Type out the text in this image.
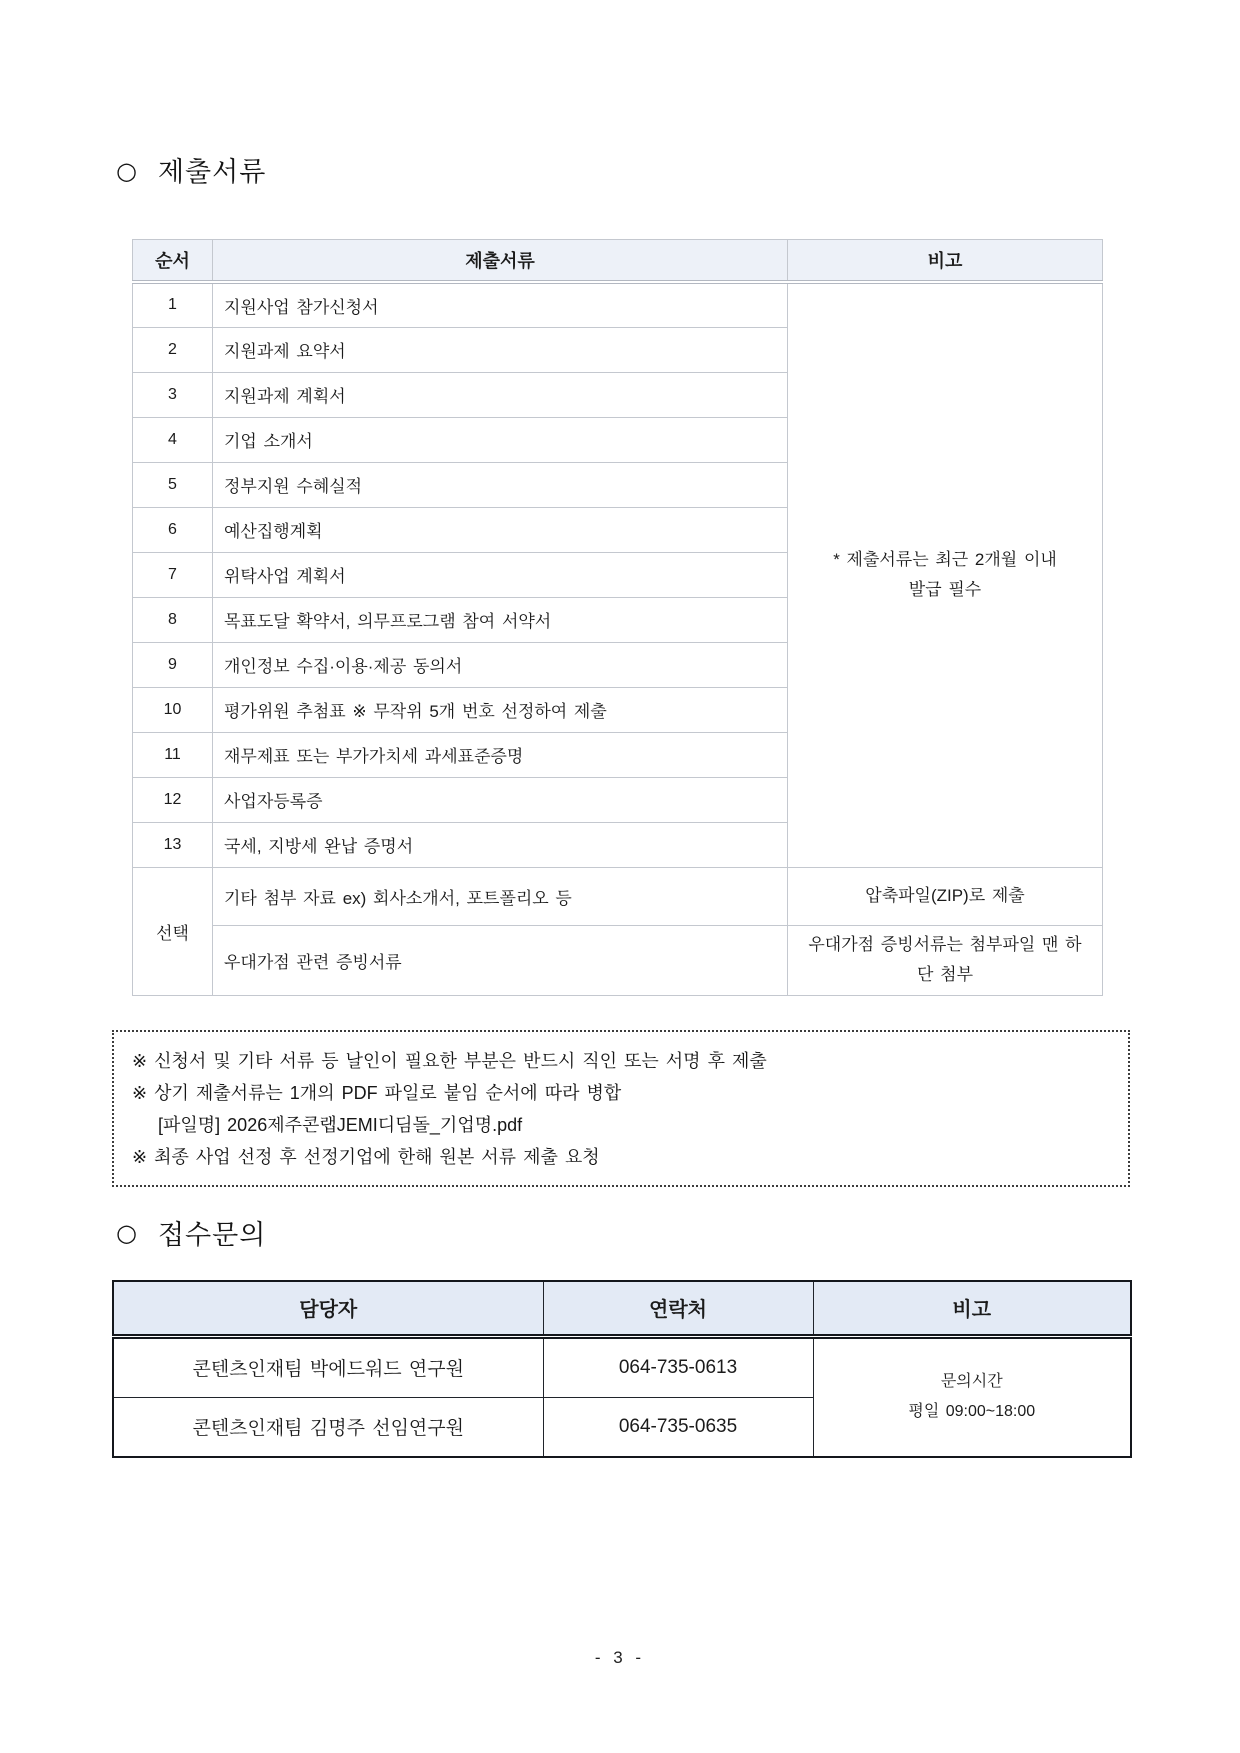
○ 제출서류
순서	제출서류	비고
1	지원사업 참가신청서	* 제출서류는 최근 2개월 이내
발급 필수

2	지원과제 요약서	
3	지원과제 계획서	
4	기업 소개서	
5	정부지원 수혜실적	
6	예산집행계획	
7	위탁사업 계획서	
8	목표도달 확약서, 의무프로그램 참여 서약서	
9	개인정보 수집·이용·제공 동의서	
10	평가위원 추첨표 ※ 무작위 5개 번호 선정하여 제출	
11	재무제표 또는 부가가치세 과세표준증명	
12	사업자등록증	
13	국세, 지방세 완납 증명서	
선택	기타 첨부 자료 ex) 회사소개서, 포트폴리오 등	압축파일(ZIP)로 제출
	우대가점 관련 증빙서류	우대가점 증빙서류는 첨부파일 맨 하단 첨부
※ 신청서 및 기타 서류 등 날인이 필요한 부분은 반드시 직인 또는 서명 후 제출
※ 상기 제출서류는 1개의 PDF 파일로 붙임 순서에 따라 병합
[파일명] 2026제주콘랩JEMI디딤돌_기업명.pdf
※ 최종 사업 선정 후 선정기업에 한해 원본 서류 제출 요청
○ 접수문의
담당자	연락처	비고
콘텐츠인재팀 박에드워드 연구원	064-735-0613	문의시간
평일 09:00~18:00

콘텐츠인재팀 김명주 선임연구원	064-735-0635	
- 3 -
